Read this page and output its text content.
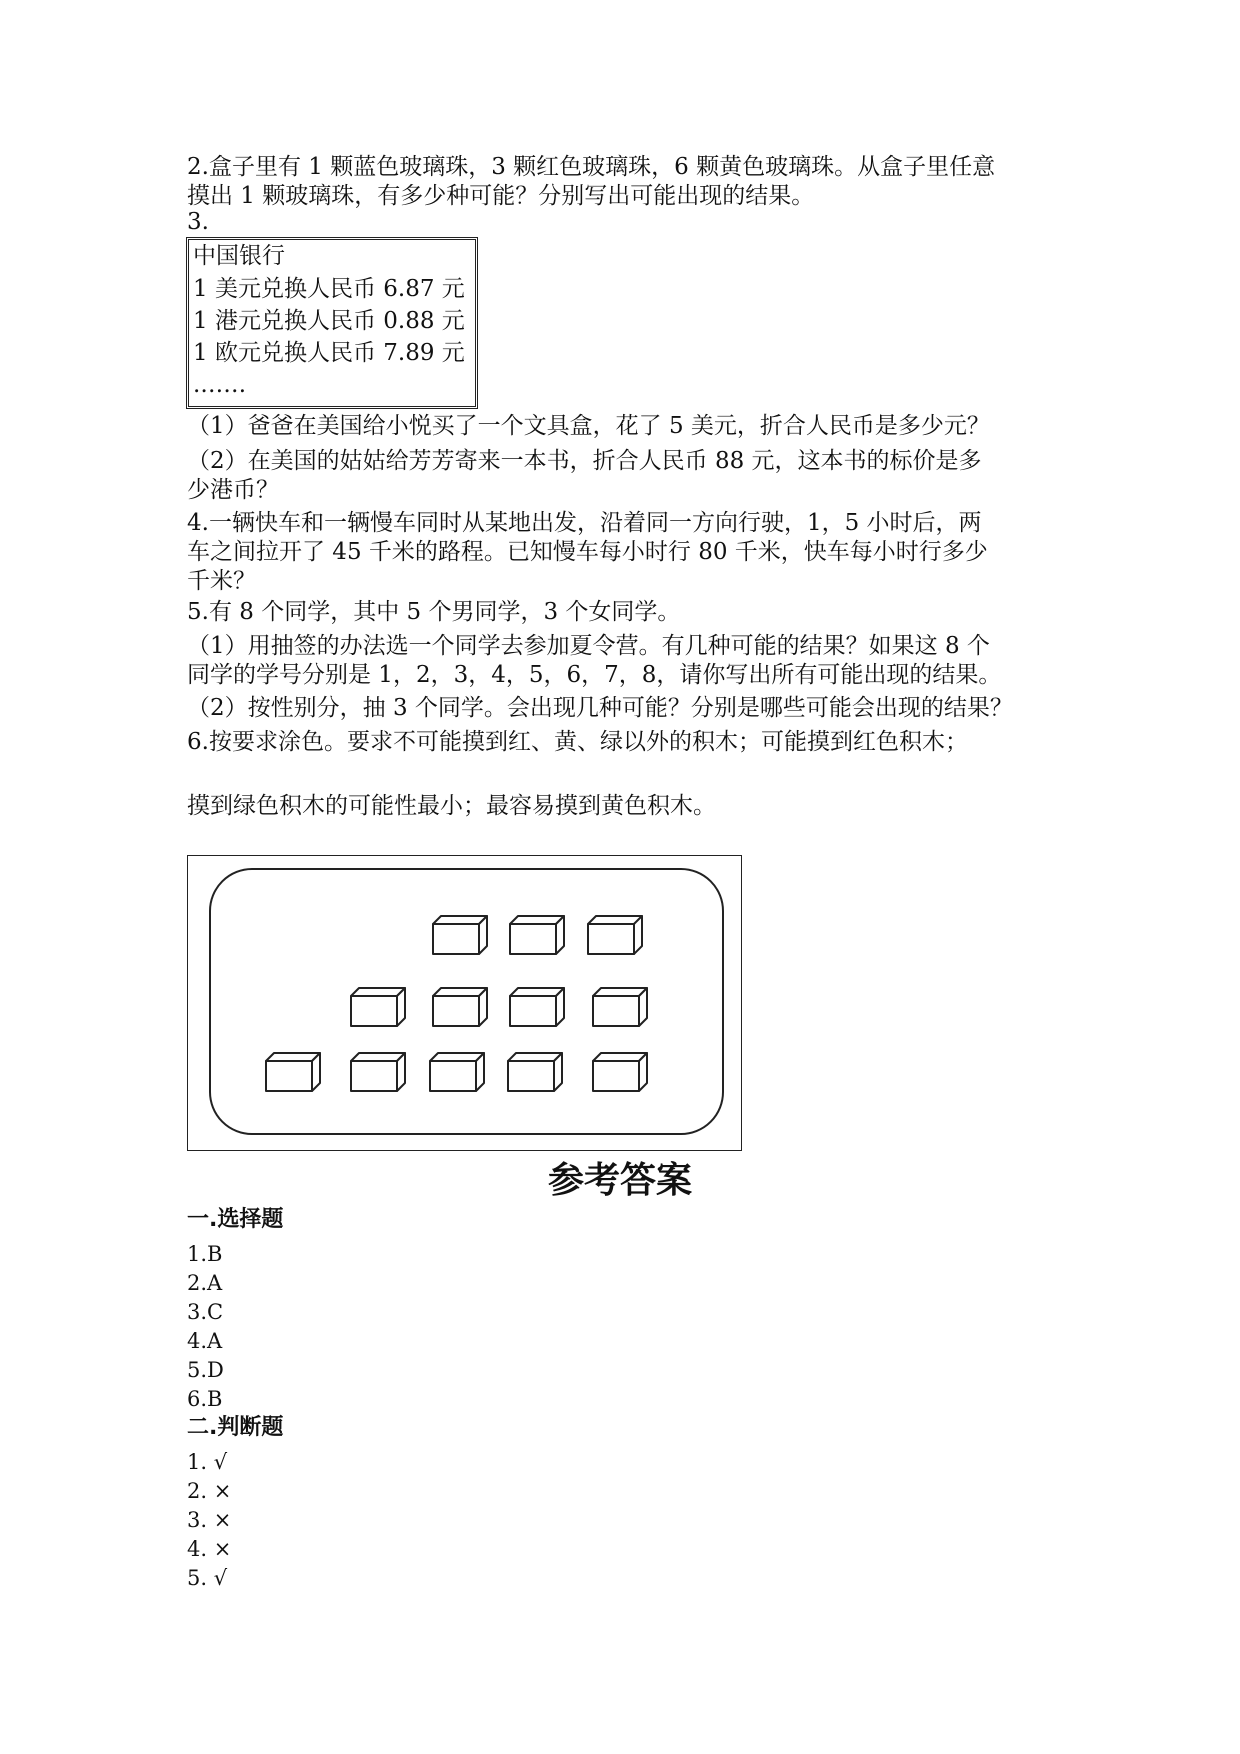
2.盒子里有 1 颗蓝色玻璃珠，3 颗红色玻璃珠，6 颗黄色玻璃珠。从盒子里任意
摸出 1 颗玻璃珠，有多少种可能？分别写出可能出现的结果。
3.
中国银行
1 美元兑换人民币 6.87 元
1 港元兑换人民币 0.88 元
1 欧元兑换人民币 7.89 元
.……
（1）爸爸在美国给小悦买了一个文具盒，花了 5 美元，折合人民币是多少元？
（2）在美国的姑姑给芳芳寄来一本书，折合人民币 88 元，这本书的标价是多
少港币？
4.一辆快车和一辆慢车同时从某地出发，沿着同一方向行驶，1，5 小时后，两
车之间拉开了 45 千米的路程。已知慢车每小时行 80 千米，快车每小时行多少
千米？
5.有 8 个同学，其中 5 个男同学，3 个女同学。
（1）用抽签的办法选一个同学去参加夏令营。有几种可能的结果？如果这 8 个
同学的学号分别是 1，2，3，4，5，6，7，8，请你写出所有可能出现的结果。
（2）按性别分，抽 3 个同学。会出现几种可能？分别是哪些可能会出现的结果？
6.按要求涂色。要求不可能摸到红、黄、绿以外的积木；可能摸到红色积木；
摸到绿色积木的可能性最小；最容易摸到黄色积木。
参考答案
一.选择题
1.B
2.A
3.C
4.A
5.D
6.B
二.判断题
1. √
2. ×
3. ×
4. ×
5. √
